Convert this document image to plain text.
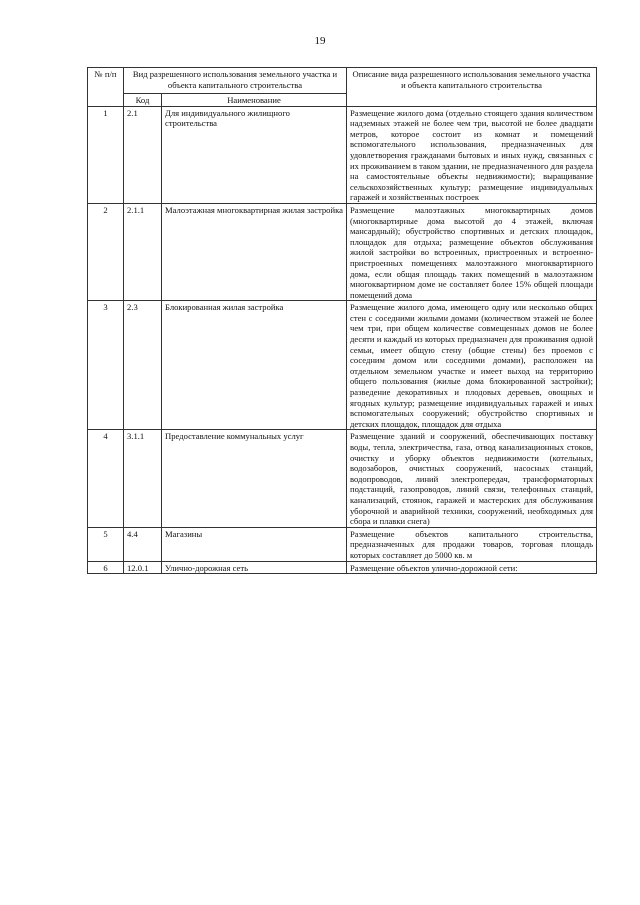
19
№ п/п	Вид разрешенного использования земельного участка и объекта капитального строительства		Описание вида разрешенного использования земельного участка и объекта капитального строительства
	Код	Наименование	
1	2.1	Для индивидуального жилищного строительства	Размещение жилого дома (отдельно стоящего здания количеством надземных этажей не более чем три, высотой не более двадцати метров, которое состоит из комнат и помещений вспомогательного использования, предназначенных для удовлетворения гражданами бытовых и иных нужд, связанных с их проживанием в таком здании, не предназначенного для раздела на самостоятельные объекты недвижимости); выращивание сельскохозяйственных культур; размещение индивидуальных гаражей и хозяйственных построек
2	2.1.1	Малоэтажная многоквартирная жилая застройка	Размещение малоэтажных многоквартирных домов (многоквартирные дома высотой до 4 этажей, включая мансардный); обустройство спортивных и детских площадок, площадок для отдыха; размещение объектов обслуживания жилой застройки во встроенных, пристроенных и встроенно-пристроенных помещениях малоэтажного многоквартирного дома, если общая площадь таких помещений в малоэтажном многоквартирном доме не составляет более 15% общей площади помещений дома
3	2.3	Блокированная жилая застройка	Размещение жилого дома, имеющего одну или несколько общих стен с соседними жилыми домами (количеством этажей не более чем три, при общем количестве совмещенных домов не более десяти и каждый из которых предназначен для проживания одной семьи, имеет общую стену (общие стены) без проемов с соседним домом или соседними домами), расположен на отдельном земельном участке и имеет выход на территорию общего пользования (жилые дома блокированной застройки); разведение декоративных и плодовых деревьев, овощных и ягодных культур; размещение индивидуальных гаражей и иных вспомогательных сооружений; обустройство спортивных и детских площадок, площадок для отдыха
4	3.1.1	Предоставление коммунальных услуг	Размещение зданий и сооружений, обеспечивающих поставку воды, тепла, электричества, газа, отвод канализационных стоков, очистку и уборку объектов недвижимости (котельных, водозаборов, очистных сооружений, насосных станций, водопроводов, линий электропередач, трансформаторных подстанций, газопроводов, линий связи, телефонных станций, канализаций, стоянок, гаражей и мастерских для обслуживания уборочной и аварийной техники, сооружений, необходимых для сбора и плавки снега)
5	4.4	Магазины	Размещение объектов капитального строительства, предназначенных для продажи товаров, торговая площадь которых составляет до 5000 кв. м
6	12.0.1	Улично-дорожная сеть	Размещение объектов улично-дорожной сети:
